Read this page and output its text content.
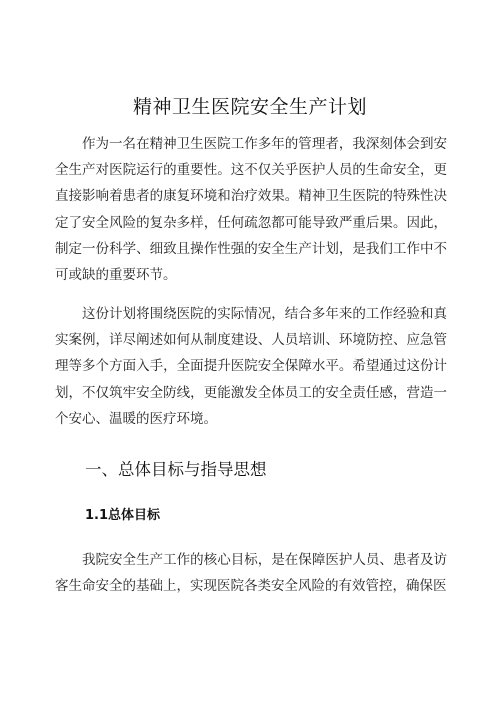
精神卫生医院安全生产计划

作为一名在精神卫生医院工作多年的管理者，我深刻体会到安全生产对医院运行的重要性。这不仅关乎医护人员的生命安全，更直接影响着患者的康复环境和治疗效果。精神卫生医院的特殊性决定了安全风险的复杂多样，任何疏忽都可能导致严重后果。因此，制定一份科学、细致且操作性强的安全生产计划，是我们工作中不可或缺的重要环节。

这份计划将围绕医院的实际情况，结合多年来的工作经验和真实案例，详尽阐述如何从制度建设、人员培训、环境防控、应急管理等多个方面入手，全面提升医院安全保障水平。希望通过这份计划，不仅筑牢安全防线，更能激发全体员工的安全责任感，营造一个安心、温暖的医疗环境。

一、总体目标与指导思想
1.1总体目标

我院安全生产工作的核心目标，是在保障医护人员、患者及访客生命安全的基础上，实现医院各类安全风险的有效管控，确保医
